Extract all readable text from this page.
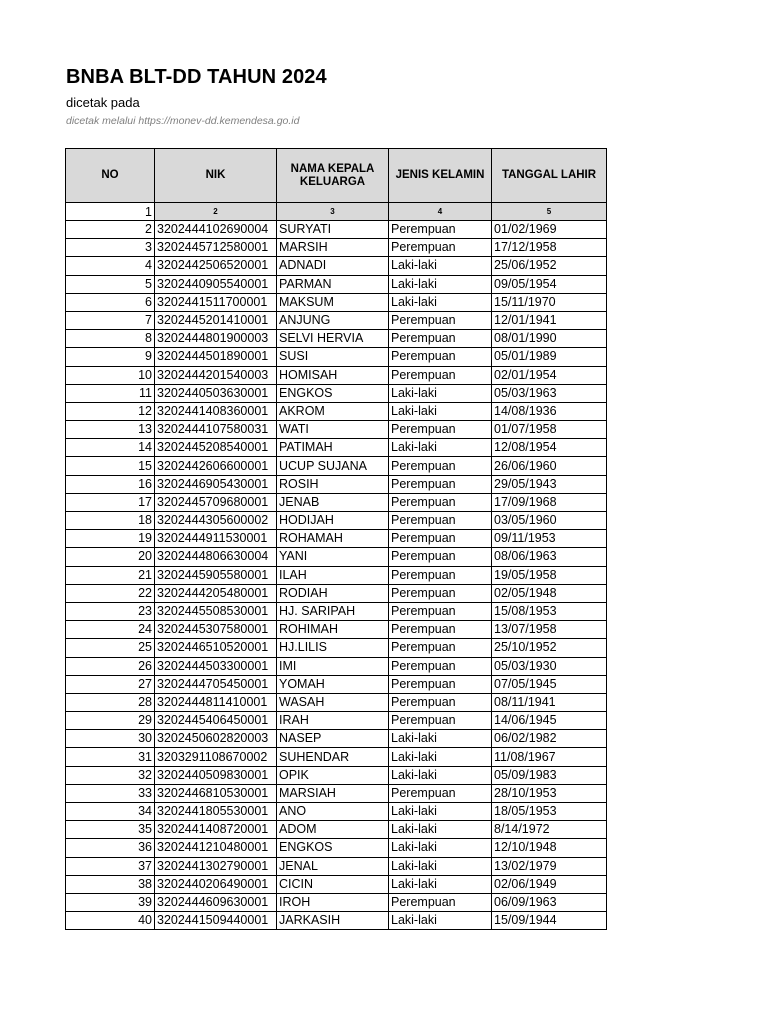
BNBA BLT-DD TAHUN 2024
dicetak pada
dicetak melalui https://monev-dd.kemendesa.go.id
NO	NIK	NAMA KEPALA KELUARGA	JENIS KELAMIN	TANGGAL LAHIR
1	2	3	4	5
2	3202444102690004	SURYATI	Perempuan	01/02/1969
3	3202445712580001	MARSIH	Perempuan	17/12/1958
4	3202442506520001	ADNADI	Laki-laki	25/06/1952
5	3202440905540001	PARMAN	Laki-laki	09/05/1954
6	3202441511700001	MAKSUM	Laki-laki	15/11/1970
7	3202445201410001	ANJUNG	Perempuan	12/01/1941
8	3202444801900003	SELVI HERVIA	Perempuan	08/01/1990
9	3202444501890001	SUSI	Perempuan	05/01/1989
10	3202444201540003	HOMISAH	Perempuan	02/01/1954
11	3202440503630001	ENGKOS	Laki-laki	05/03/1963
12	3202441408360001	AKROM	Laki-laki	14/08/1936
13	3202444107580031	WATI	Perempuan	01/07/1958
14	3202445208540001	PATIMAH	Laki-laki	12/08/1954
15	3202442606600001	UCUP SUJANA	Perempuan	26/06/1960
16	3202446905430001	ROSIH	Perempuan	29/05/1943
17	3202445709680001	JENAB	Perempuan	17/09/1968
18	3202444305600002	HODIJAH	Perempuan	03/05/1960
19	3202444911530001	ROHAMAH	Perempuan	09/11/1953
20	3202444806630004	YANI	Perempuan	08/06/1963
21	3202445905580001	ILAH	Perempuan	19/05/1958
22	3202444205480001	RODIAH	Perempuan	02/05/1948
23	3202445508530001	HJ. SARIPAH	Perempuan	15/08/1953
24	3202445307580001	ROHIMAH	Perempuan	13/07/1958
25	3202446510520001	HJ.LILIS	Perempuan	25/10/1952
26	3202444503300001	IMI	Perempuan	05/03/1930
27	3202444705450001	YOMAH	Perempuan	07/05/1945
28	3202444811410001	WASAH	Perempuan	08/11/1941
29	3202445406450001	IRAH	Perempuan	14/06/1945
30	3202450602820003	NASEP	Laki-laki	06/02/1982
31	3203291108670002	SUHENDAR	Laki-laki	11/08/1967
32	3202440509830001	OPIK	Laki-laki	05/09/1983
33	3202446810530001	MARSIAH	Perempuan	28/10/1953
34	3202441805530001	ANO	Laki-laki	18/05/1953
35	3202441408720001	ADOM	Laki-laki	8/14/1972
36	3202441210480001	ENGKOS	Laki-laki	12/10/1948
37	3202441302790001	JENAL	Laki-laki	13/02/1979
38	3202440206490001	CICIN	Laki-laki	02/06/1949
39	3202444609630001	IROH	Perempuan	06/09/1963
40	3202441509440001	JARKASIH	Laki-laki	15/09/1944
